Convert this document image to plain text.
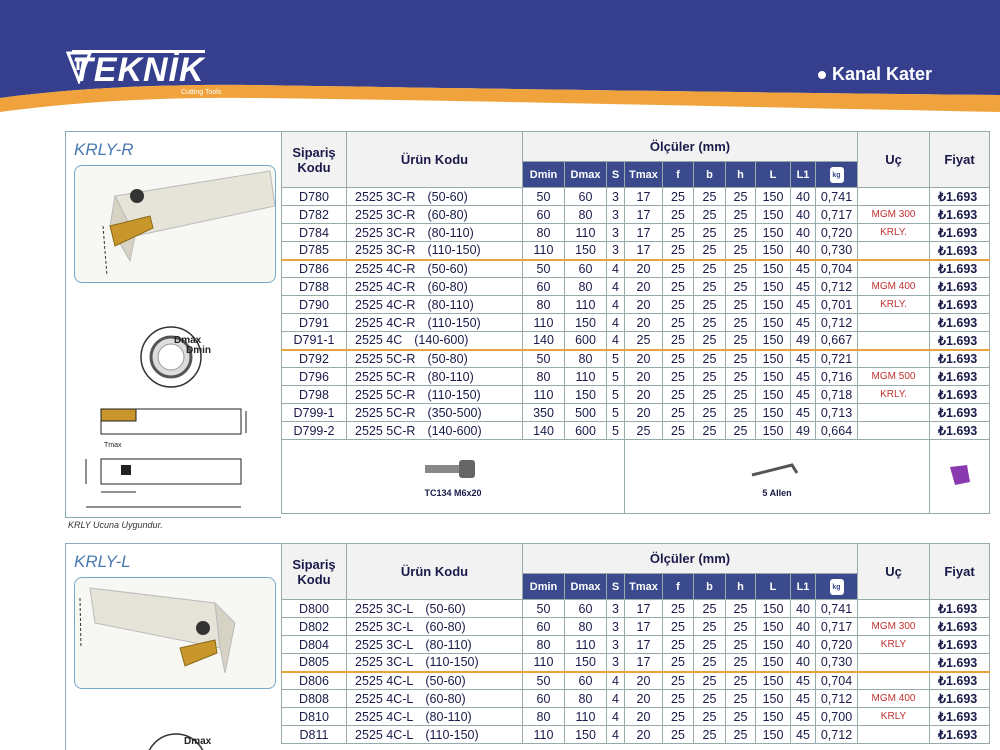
TEKNİK
Cutting Tools
Kanal Kater
KRLY-R
Dmax
Dmin
Tmax
Sipariş Kodu	Ürün Kodu	Ölçüler (mm)										Uç	Fiyat
		Dmin	Dmax	S	Tmax	f	b	h	L	L1	kg		
D780	2525 3C-R (50-60)	50	60	3	17	25	25	25	150	40	0,741		₺1.693
D782	2525 3C-R (60-80)	60	80	3	17	25	25	25	150	40	0,717	MGM 300	₺1.693
D784	2525 3C-R (80-110)	80	110	3	17	25	25	25	150	40	0,720	KRLY.	₺1.693
D785	2525 3C-R (110-150)	110	150	3	17	25	25	25	150	40	0,730		₺1.693
D786	2525 4C-R (50-60)	50	60	4	20	25	25	25	150	45	0,704		₺1.693
D788	2525 4C-R (60-80)	60	80	4	20	25	25	25	150	45	0,712	MGM 400	₺1.693
D790	2525 4C-R (80-110)	80	110	4	20	25	25	25	150	45	0,701	KRLY.	₺1.693
D791	2525 4C-R (110-150)	110	150	4	20	25	25	25	150	45	0,712		₺1.693
D791-1	2525 4C (140-600)	140	600	4	25	25	25	25	150	49	0,667		₺1.693
D792	2525 5C-R (50-80)	50	80	5	20	25	25	25	150	45	0,721		₺1.693
D796	2525 5C-R (80-110)	80	110	5	20	25	25	25	150	45	0,716	MGM 500	₺1.693
D798	2525 5C-R (110-150)	110	150	5	20	25	25	25	150	45	0,718	KRLY.	₺1.693
D799-1	2525 5C-R (350-500)	350	500	5	20	25	25	25	150	45	0,713		₺1.693
D799-2	2525 5C-R (140-600)	140	600	5	25	25	25	25	150	49	0,664		₺1.693

TC134 M6x20					5 Allen

KRLY-L
Dmax
Sipariş Kodu	Ürün Kodu	Ölçüler (mm)										Uç	Fiyat
		Dmin	Dmax	S	Tmax	f	b	h	L	L1	kg		
D800	2525 3C-L (50-60)	50	60	3	17	25	25	25	150	40	0,741		₺1.693
D802	2525 3C-L (60-80)	60	80	3	17	25	25	25	150	40	0,717	MGM 300	₺1.693
D804	2525 3C-L (80-110)	80	110	3	17	25	25	25	150	40	0,720	KRLY	₺1.693
D805	2525 3C-L (110-150)	110	150	3	17	25	25	25	150	40	0,730		₺1.693
D806	2525 4C-L (50-60)	50	60	4	20	25	25	25	150	45	0,704		₺1.693
D808	2525 4C-L (60-80)	60	80	4	20	25	25	25	150	45	0,712	MGM 400	₺1.693
D810	2525 4C-L (80-110)	80	110	4	20	25	25	25	150	45	0,700	KRLY	₺1.693
D811	2525 4C-L (110-150)	110	150	4	20	25	25	25	150	45	0,712		₺1.693
KRLY Ucuna Uygundur.
